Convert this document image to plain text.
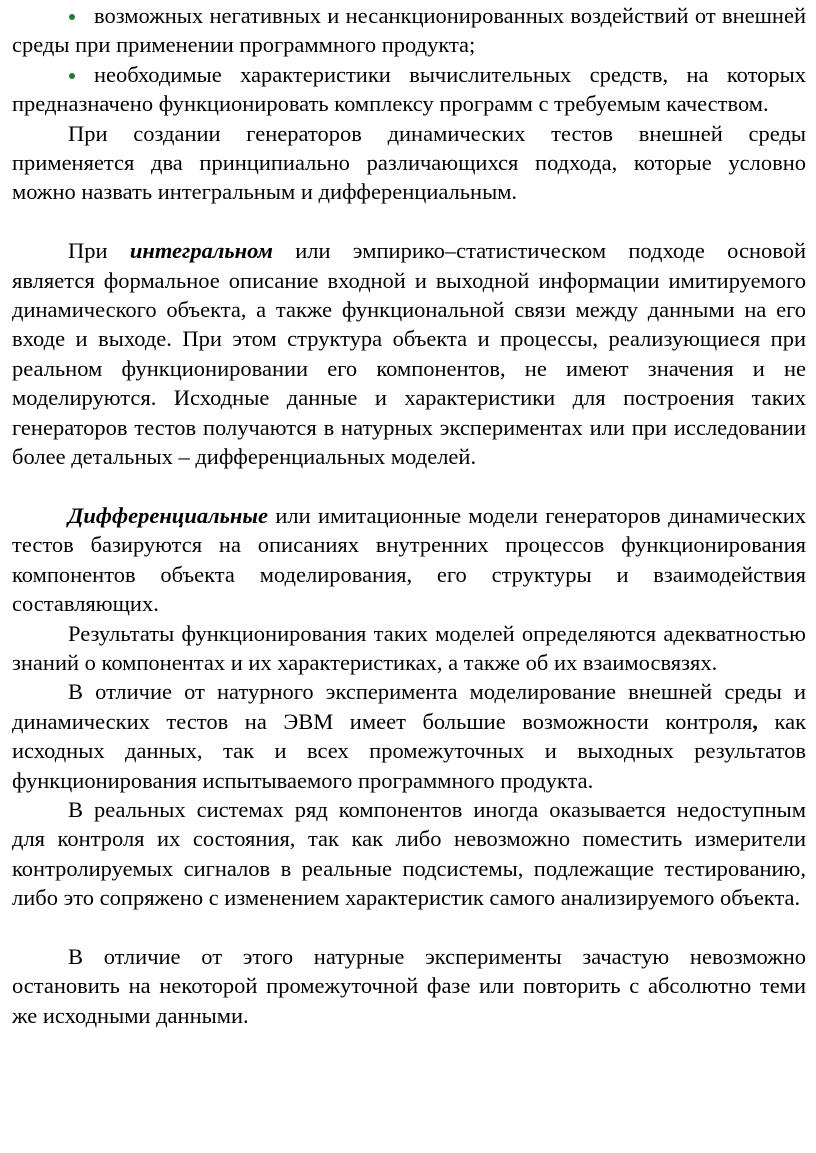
возможных негативных и несанкционированных воздействий от внешней среды при применении программного продукта;

необходимые характеристики вычислительных средств, на которых предназначено функционировать комплексу программ с требуемым качеством.

При создании генераторов динамических тестов внешней среды применяется два принципиально различающихся подхода, которые условно можно назвать интегральным и дифференциальным.

При интегральном или эмпирико–статистическом подходе основой является формальное описание входной и выходной информации имитируемого динамического объекта, а также функциональной связи между данными на его входе и выходе. При этом структура объекта и процессы, реализующиеся при реальном функционировании его компонентов, не имеют значения и не моделируются. Исходные данные и характеристики для построения таких генераторов тестов получаются в натурных экспериментах или при исследовании более детальных – дифференциальных моделей.

Дифференциальные или имитационные модели генераторов динамических тестов базируются на описаниях внутренних процессов функционирования компонентов объекта моделирования, его структуры и взаимодействия составляющих.

Результаты функционирования таких моделей определяются адекватностью знаний о компонентах и их характеристиках, а также об их взаимосвязях.

В отличие от натурного эксперимента моделирование внешней среды и динамических тестов на ЭВМ имеет большие возможности контроля, как исходных данных, так и всех промежуточных и выходных результатов функционирования испытываемого программного продукта.

В реальных системах ряд компонентов иногда оказывается недоступным для контроля их состояния, так как либо невозможно поместить измерители контролируемых сигналов в реальные подсистемы, подлежащие тестированию, либо это сопряжено с изменением характеристик самого анализируемого объекта.

В отличие от этого натурные эксперименты зачастую невозможно остановить на некоторой промежуточной фазе или повторить с абсолютно теми же исходными данными.
